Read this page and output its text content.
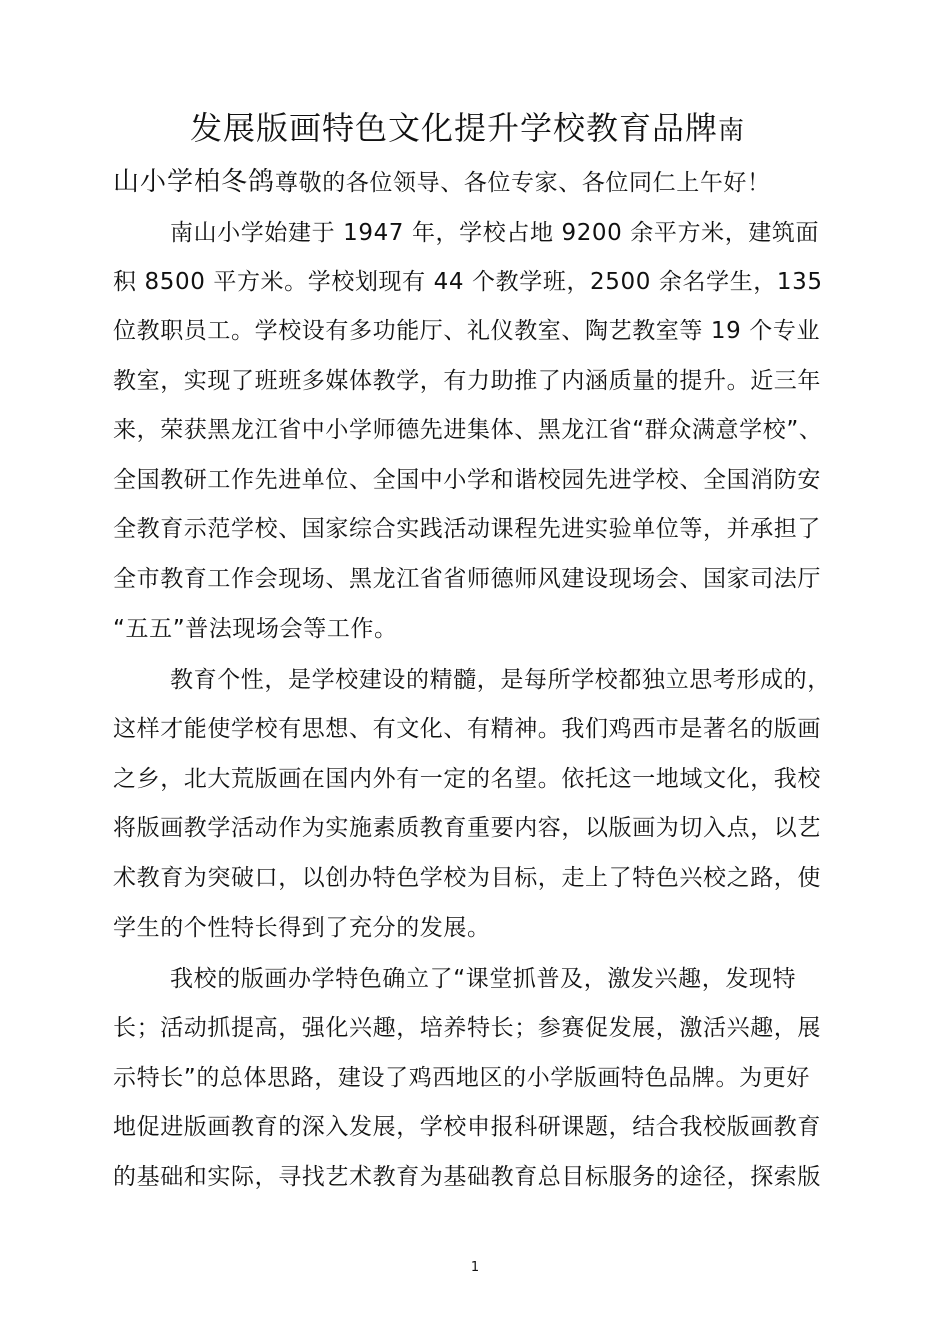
发展版画特色文化提升学校教育品牌南
山小学柏冬鸽尊敬的各位领导、各位专家、各位同仁上午好！
南山小学始建于 1947 年，学校占地 9200 余平方米，建筑面
积 8500 平方米。学校划现有 44 个教学班，2500 余名学生，135
位教职员工。学校设有多功能厅、礼仪教室、陶艺教室等 19 个专业
教室，实现了班班多媒体教学，有力助推了内涵质量的提升。近三年
来，荣获黑龙江省中小学师德先进集体、黑龙江省“群众满意学校”、
全国教研工作先进单位、全国中小学和谐校园先进学校、全国消防安
全教育示范学校、国家综合实践活动课程先进实验单位等，并承担了
全市教育工作会现场、黑龙江省省师德师风建设现场会、国家司法厅
“五五”普法现场会等工作。
教育个性，是学校建设的精髓，是每所学校都独立思考形成的，
这样才能使学校有思想、有文化、有精神。我们鸡西市是著名的版画
之乡，北大荒版画在国内外有一定的名望。依托这一地域文化，我校
将版画教学活动作为实施素质教育重要内容，以版画为切入点，以艺
术教育为突破口，以创办特色学校为目标，走上了特色兴校之路，使
学生的个性特长得到了充分的发展。
我校的版画办学特色确立了“课堂抓普及，激发兴趣，发现特
长；活动抓提高，强化兴趣，培养特长；参赛促发展，激活兴趣，展
示特长”的总体思路，建设了鸡西地区的小学版画特色品牌。为更好
地促进版画教育的深入发展，学校申报科研课题，结合我校版画教育
的基础和实际，寻找艺术教育为基础教育总目标服务的途径，探索版
1
